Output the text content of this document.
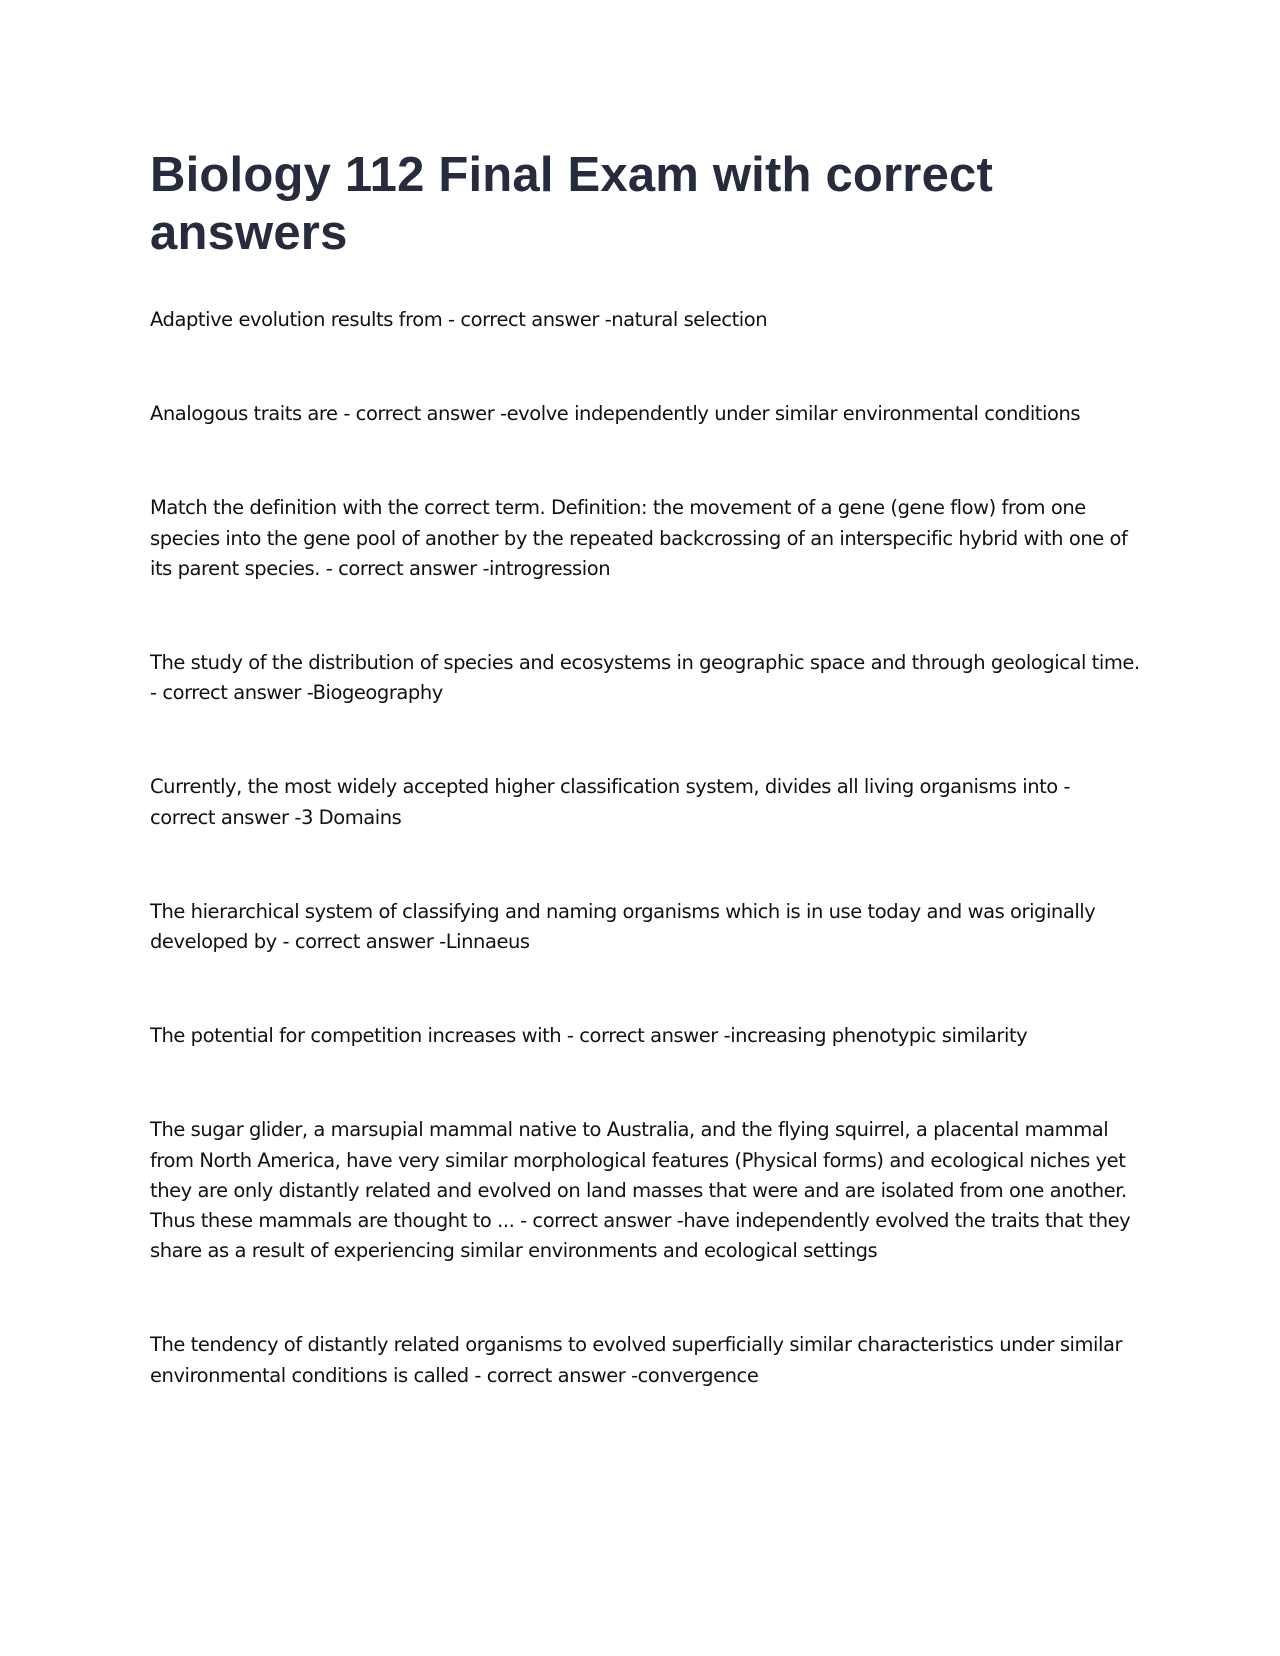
Biology 112 Final Exam with correct answers

Adaptive evolution results from - correct answer -natural selection

Analogous traits are - correct answer -evolve independently under similar environmental conditions

Match the definition with the correct term. Definition: the movement of a gene (gene flow) from one species into the gene pool of another by the repeated backcrossing of an interspecific hybrid with one of its parent species. - correct answer -introgression

The study of the distribution of species and ecosystems in geographic space and through geological time. - correct answer -Biogeography

Currently, the most widely accepted higher classification system, divides all living organisms into - correct answer -3 Domains

The hierarchical system of classifying and naming organisms which is in use today and was originally developed by - correct answer -Linnaeus

The potential for competition increases with - correct answer -increasing phenotypic similarity

The sugar glider, a marsupial mammal native to Australia, and the flying squirrel, a placental mammal from North America, have very similar morphological features (Physical forms) and ecological niches yet they are only distantly related and evolved on land masses that were and are isolated from one another. Thus these mammals are thought to ... - correct answer -have independently evolved the traits that they share as a result of experiencing similar environments and ecological settings

The tendency of distantly related organisms to evolved superficially similar characteristics under similar environmental conditions is called - correct answer -convergence
